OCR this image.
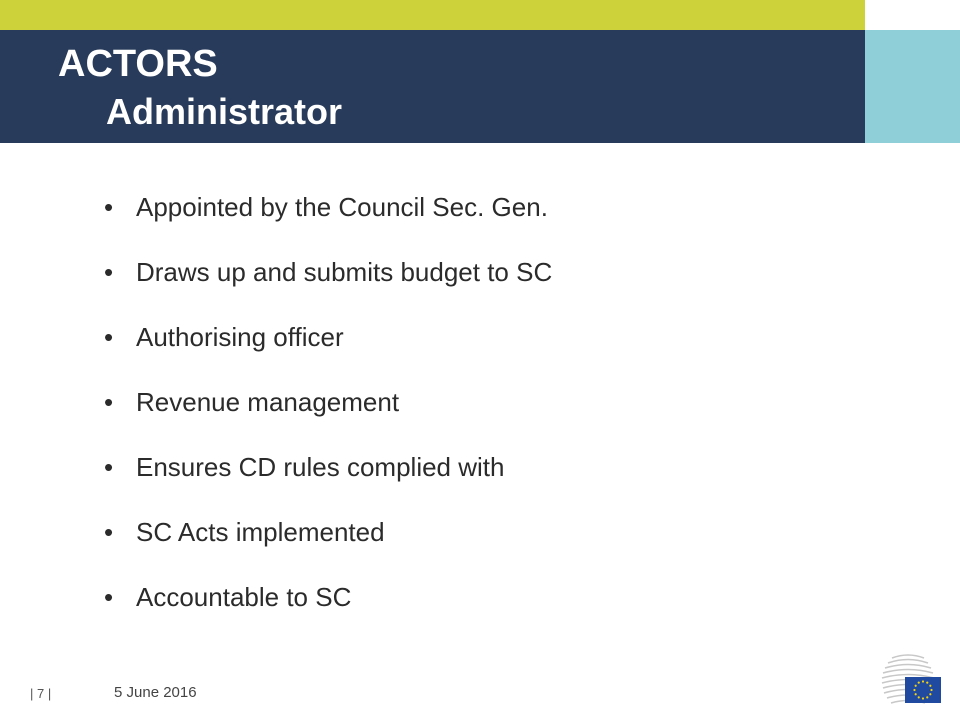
ACTORS
Administrator
• Appointed by the Council Sec. Gen.
• Draws up and submits budget to SC
• Authorising officer
• Revenue management
• Ensures CD rules complied with
• SC Acts implemented
• Accountable to SC
| 7 |	5 June 2016
